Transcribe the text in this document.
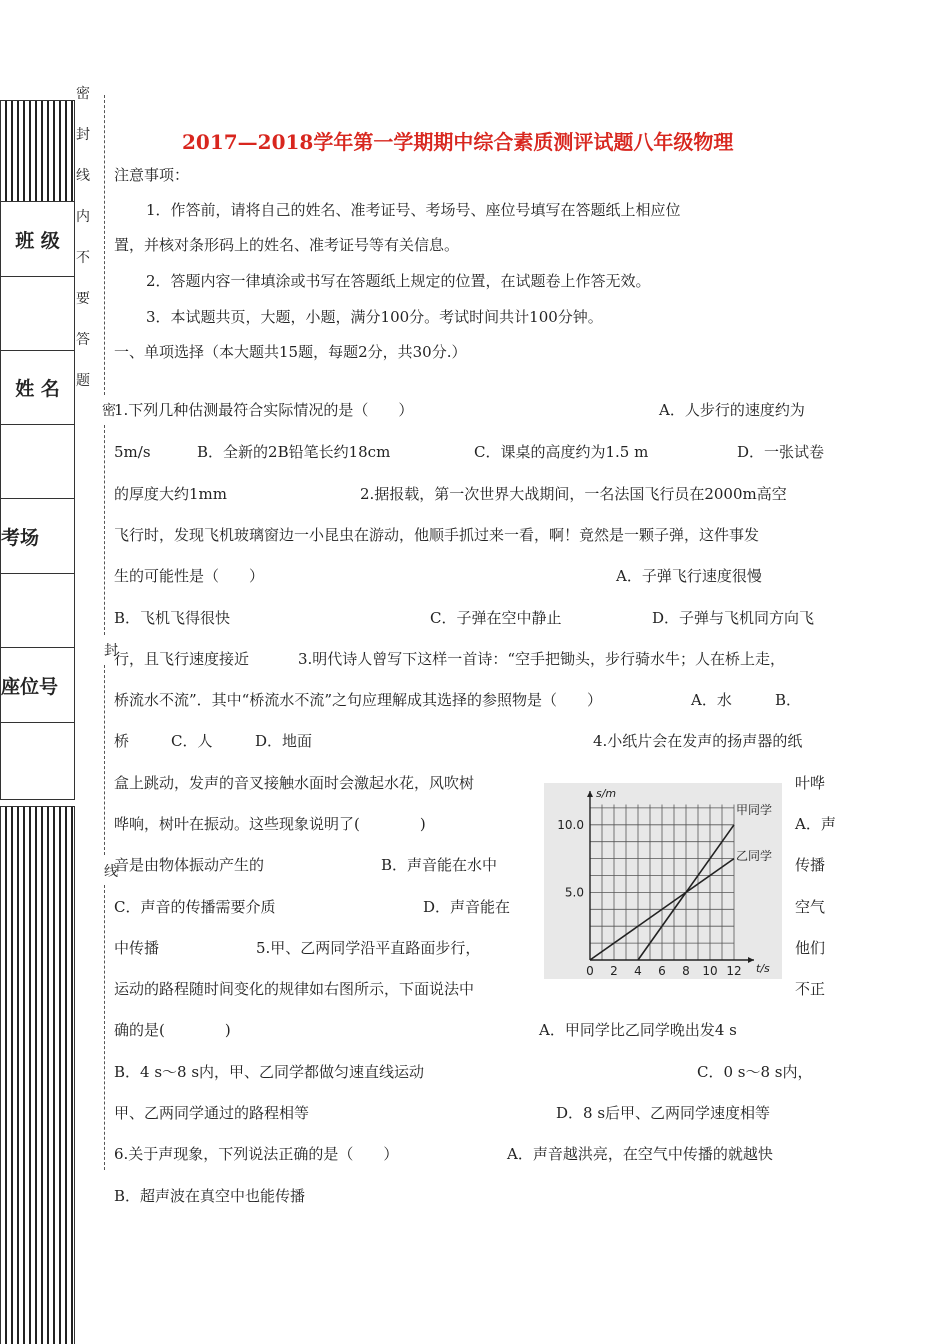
班 级
姓 名
考场
座位号
密
封
线
内
不
要
答
题
密
封
线
2017—2018学年第一学期期中综合素质测评试题八年级物理
注意事项：
1．作答前，请将自己的姓名、准考证号、考场号、座位号填写在答题纸上相应位
置，并核对条形码上的姓名、准考证号等有关信息。
2．答题内容一律填涂或书写在答题纸上规定的位置，在试题卷上作答无效。
3．本试题共页，大题，小题，满分100分。考试时间共计100分钟。
一、单项选择（本大题共15题，每题2分，共30分.）
1.下列几种估测最符合实际情况的是（　　）	A．人步行的速度约为
5m/s	B．全新的2B铅笔长约18cm	C．课桌的高度约为1.5 m	D．一张试卷
的厚度大约1mm	2.据报载，第一次世界大战期间，一名法国飞行员在2000m高空
飞行时，发现飞机玻璃窗边一小昆虫在游动，他顺手抓过来一看，啊！竟然是一颗子弹，这件事发
生的可能性是（　　）	A．子弹飞行速度很慢
B．飞机飞得很快	C．子弹在空中静止	D．子弹与飞机同方向飞
行，且飞行速度接近	3.明代诗人曾写下这样一首诗：“空手把锄头，步行骑水牛；人在桥上走，
桥流水不流”．其中“桥流水不流”之句应理解成其选择的参照物是（　　）	A．水	B．
桥	C．人	D．地面	4.小纸片会在发声的扬声器的纸
盒上跳动，发声的音叉接触水面时会激起水花，风吹树	叶哗
哗响，树叶在振动。这些现象说明了(　　　　)	A．声
音是由物体振动产生的	B．声音能在水中	传播
C．声音的传播需要介质	D．声音能在	空气
中传播	5.甲、乙两同学沿平直路面步行，	他们
运动的路程随时间变化的规律如右图所示，下面说法中	不正
确的是(　　　　)	A．甲同学比乙同学晚出发4 s
B．4 s～8 s内，甲、乙同学都做匀速直线运动	C．0 s～8 s内，
甲、乙两同学通过的路程相等	D．8 s后甲、乙两同学速度相等
6.关于声现象，下列说法正确的是（　　）	A．声音越洪亮，在空气中传播的就越快
B．超声波在真空中也能传播
0 2 4 6 8 10 12
5.0
10.0
s/m
t/s
甲同学
乙同学
